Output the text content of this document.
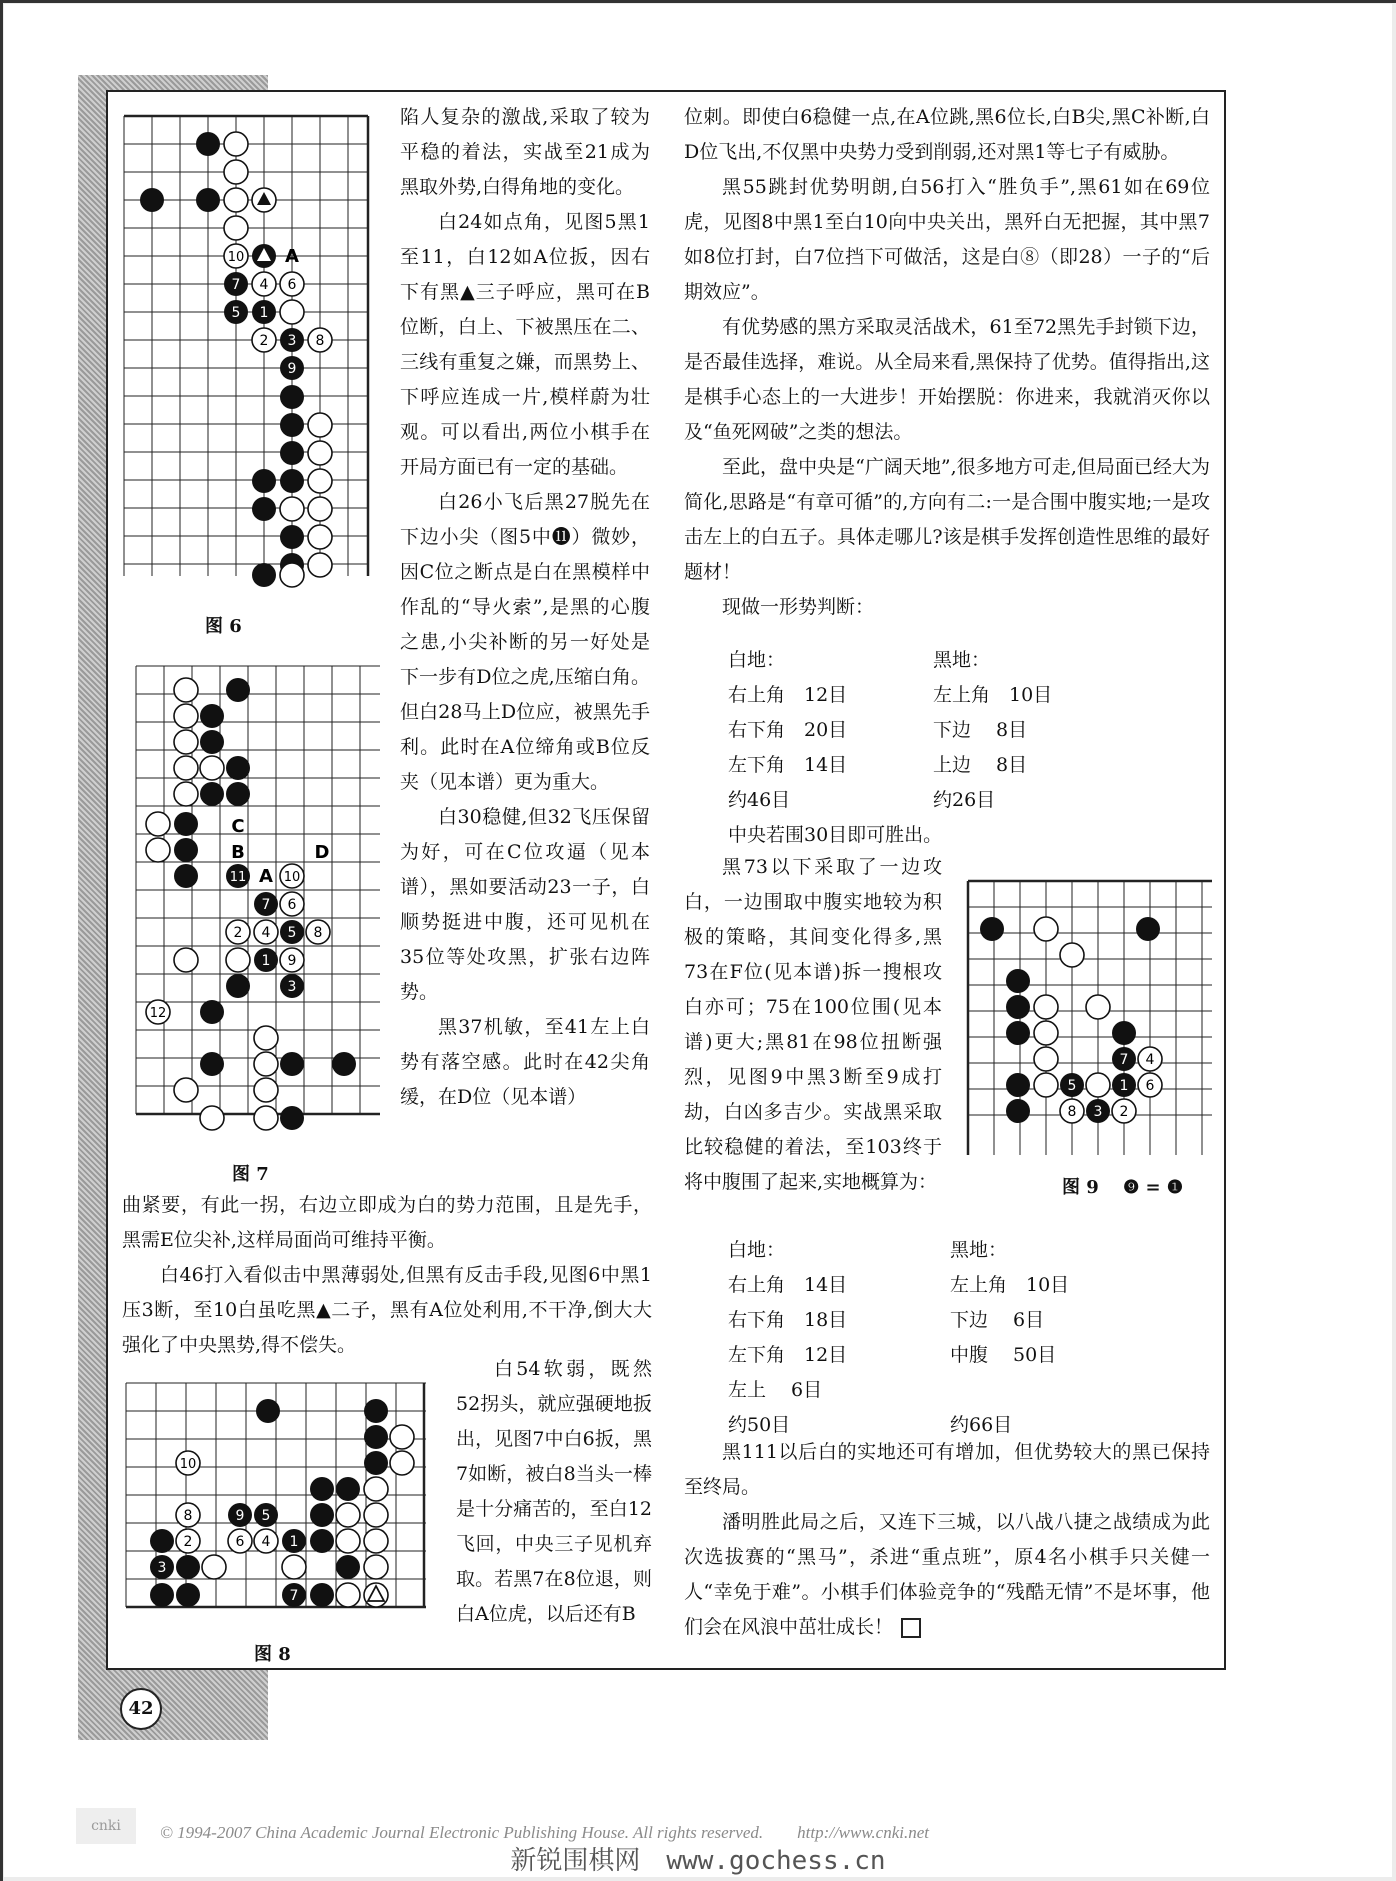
10 A
7 4 6
5 1
2 3 8
9
图 6
C
B	D
11 A 10
7 6
2 4 5 8
1 9
3
12
图 7
10
8	9 5
2	6 4 1
3
7
图 8
7 4
5	1 6
8 3 2
图 9 ❾ = ❶

陷人复杂的激战,采取了较为平稳的着法，实战至21成为黑取外势,白得角地的变化。

白24如点角，见图5黑1至11，白12如A位扳，因右下有黑▲三子呼应，黑可在B位断，白上、下被黑压在二、三线有重复之嫌，而黑势上、下呼应连成一片,模样蔚为壮观。可以看出,两位小棋手在开局方面已有一定的基础。

白26小飞后黑27脱先在下边小尖（图5中⓫）微妙，因C位之断点是白在黑模样中作乱的“导火索”,是黑的心腹之患,小尖补断的另一好处是下一步有D位之虎,压缩白角。但白28马上D位应，被黑先手利。此时在A位缔角或B位反夹（见本谱）更为重大。

白30稳健,但32飞压保留为好，可在C位攻逼（见本谱），黑如要活动23一子，白顺势挺进中腹，还可见机在35位等处攻黑，扩张右边阵势。

黑37机敏，至41左上白势有落空感。此时在42尖角缓，在D位（见本谱）

曲紧要，有此一拐，右边立即成为白的势力范围，且是先手，黑需E位尖补,这样局面尚可维持平衡。

白46打入看似击中黑薄弱处,但黑有反击手段,见图6中黑1压3断，至10白虽吃黑▲二子，黑有A位处利用,不干净,倒大大强化了中央黑势,得不偿失。

白54软弱，既然52拐头，就应强硬地扳出，见图7中白6扳，黑7如断，被白8当头一棒是十分痛苦的，至白12飞回，中央三子见机弃取。若黑7在8位退，则白A位虎，以后还有B

位刺。即使白6稳健一点,在A位跳,黑6位长,白B尖,黑C补断,白D位飞出,不仅黑中央势力受到削弱,还对黑1等七子有威胁。

黑55跳封优势明朗,白56打入“胜负手”,黑61如在69位虎，见图8中黑1至白10向中央关出，黑歼白无把握，其中黑7如8位打封，白7位挡下可做活，这是白⑧（即28）一子的“后期效应”。

有优势感的黑方采取灵活战术，61至72黑先手封锁下边，是否最佳选择，难说。从全局来看,黑保持了优势。值得指出,这是棋手心态上的一大进步！开始摆脱：你进来，我就消灭你以及“鱼死网破”之类的想法。

至此，盘中央是“广阔天地”,很多地方可走,但局面已经大为简化,思路是“有章可循”的,方向有二:一是合围中腹实地;一是攻击左上的白五子。具体走哪儿?该是棋手发挥创造性思维的最好题材！

现做一形势判断：

白地：	黑地：
右上角　12目	左上角　10目
右下角　20目	下边　 8目
左下角　14目	上边　 8目
约46目	约26目
中央若围30目即可胜出。

黑73以下采取了一边攻白，一边围取中腹实地较为积极的策略，其间变化得多,黑73在F位(见本谱)拆一搜根攻白亦可；75在100位围(见本谱)更大;黑81在98位扭断强烈，见图9中黑3断至9成打劫，白凶多吉少。实战黑采取比较稳健的着法，至103终于将中腹围了起来,实地概算为：

白地：	黑地：
右上角　14目	左上角　10目
右下角　18目	下边　 6目
左下角　12目	中腹　 50目
左上　 6目
约50目	约66目

黑111以后白的实地还可有增加，但优势较大的黑已保持至终局。

潘明胜此局之后，又连下三城，以八战八捷之战绩成为此次选拔赛的“黑马”，杀进“重点班”，原4名小棋手只关健一人“幸免于难”。小棋手们体验竞争的“残酷无情”不是坏事，他们会在风浪中茁壮成长！

42
cnki	© 1994-2007 China Academic Journal Electronic Publishing House. All rights reserved.　　http://www.cnki.net
新锐围棋网　www.gochess.cn
